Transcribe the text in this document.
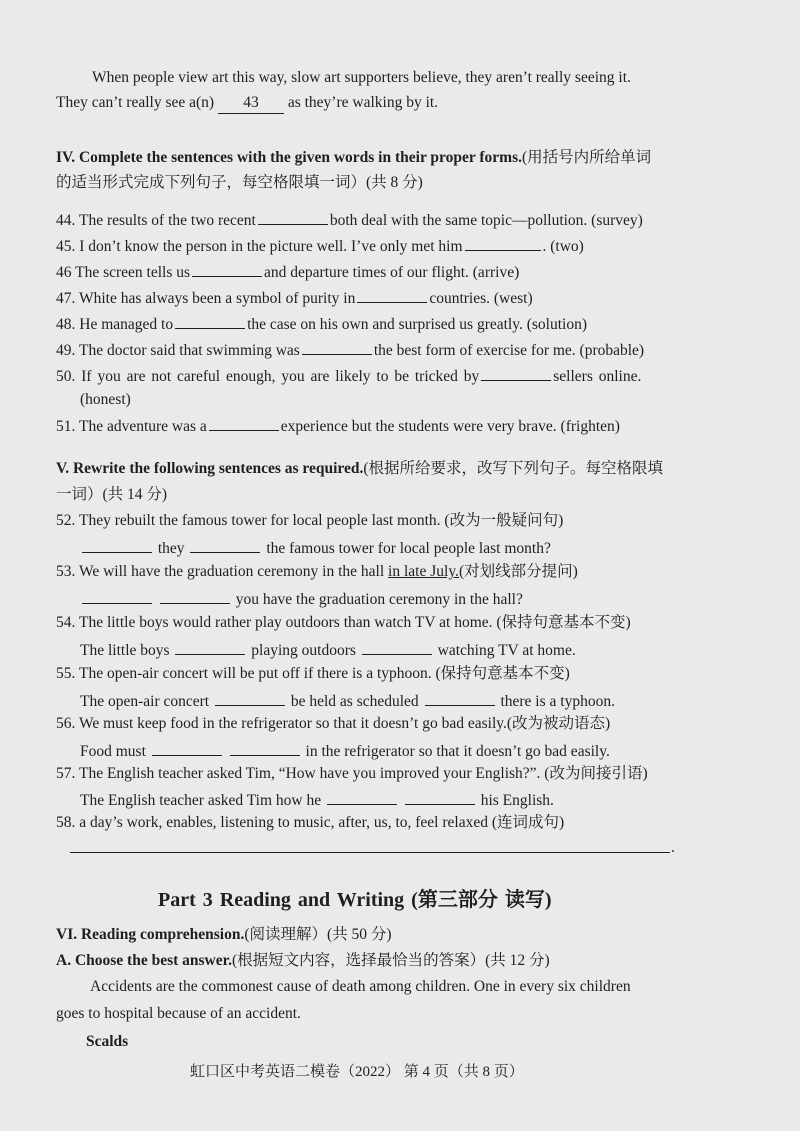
When people view art this way, slow art supporters believe, they aren’t really seeing it.
They can’t really see a(n) 43 as they’re walking by it.
IV. Complete the sentences with the given words in their proper forms.(用括号内所给单词
的适当形式完成下列句子，每空格限填一词）(共 8 分)
44. The results of the two recent	both deal with the same topic—pollution. (survey)
45. I don’t know the person in the picture well. I’ve only met him	. (two)
46 The screen tells us	and departure times of our flight. (arrive)
47. White has always been a symbol of purity in	countries. (west)
48. He managed to	the case on his own and surprised us greatly. (solution)
49. The doctor said that swimming was	the best form of exercise for me. (probable)
50. If you are not careful enough, you are likely to be tricked by	sellers online.
(honest)
51. The adventure was a	experience but the students were very brave. (frighten)
V. Rewrite the following sentences as required.(根据所给要求，改写下列句子。每空格限填
一词）(共 14 分)
52. They rebuilt the famous tower for local people last month. (改为一般疑问句)
they	the famous tower for local people last month?
53. We will have the graduation ceremony in the hall in late July.(对划线部分提问)
you have the graduation ceremony in the hall?
54. The little boys would rather play outdoors than watch TV at home. (保持句意基本不变)
The little boys	playing outdoors	watching TV at home.
55. The open-air concert will be put off if there is a typhoon. (保持句意基本不变)
The open-air concert	be held as scheduled	there is a typhoon.
56. We must keep food in the refrigerator so that it doesn’t go bad easily.(改为被动语态)
Food must	in the refrigerator so that it doesn’t go bad easily.
57. The English teacher asked Tim, “How have you improved your English?”. (改为间接引语)
The English teacher asked Tim how he	his English.
58. a day’s work, enables, listening to music, after, us, to, feel relaxed (连词成句)
.
Part 3 Reading and Writing (第三部分 读写)
VI. Reading comprehension.(阅读理解）(共 50 分)
A. Choose the best answer.(根据短文内容，选择最恰当的答案）(共 12 分)
Accidents are the commonest cause of death among children. One in every six children
goes to hospital because of an accident.
Scalds
虹口区中考英语二模卷（2022） 第 4 页（共 8 页）
